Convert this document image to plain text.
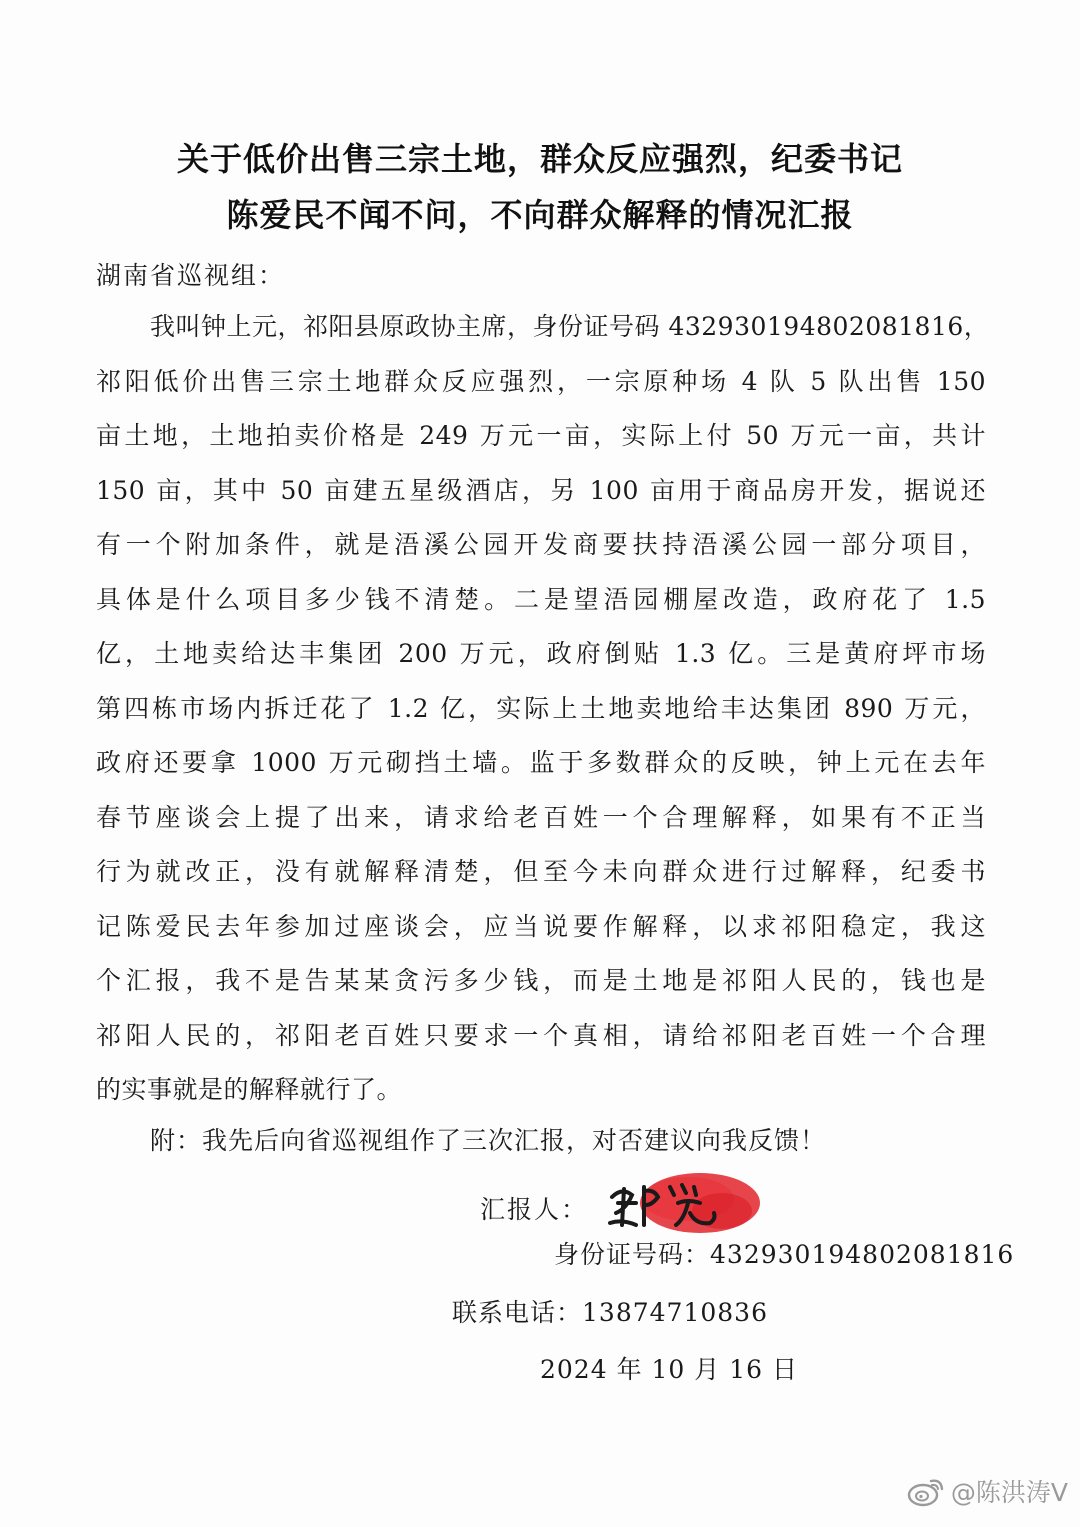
关于低价出售三宗土地，群众反应强烈，纪委书记
陈爱民不闻不问，不向群众解释的情况汇报
湖南省巡视组：
我叫钟上元，祁阳县原政协主席，身份证号码 432930194802081816，
祁阳低价出售三宗土地群众反应强烈，一宗原种场 4 队 5 队出售 150
亩土地，土地拍卖价格是 249 万元一亩，实际上付 50 万元一亩，共计
150 亩，其中 50 亩建五星级酒店，另 100 亩用于商品房开发，据说还
有一个附加条件，就是浯溪公园开发商要扶持浯溪公园一部分项目，
具体是什么项目多少钱不清楚。二是望浯园棚屋改造，政府花了 1.5
亿，土地卖给达丰集团 200 万元，政府倒贴 1.3 亿。三是黄府坪市场
第四栋市场内拆迁花了 1.2 亿，实际上土地卖地给丰达集团 890 万元，
政府还要拿 1000 万元砌挡土墙。监于多数群众的反映，钟上元在去年
春节座谈会上提了出来，请求给老百姓一个合理解释，如果有不正当
行为就改正，没有就解释清楚，但至今未向群众进行过解释，纪委书
记陈爱民去年参加过座谈会，应当说要作解释，以求祁阳稳定，我这
个汇报，我不是告某某贪污多少钱，而是土地是祁阳人民的，钱也是
祁阳人民的，祁阳老百姓只要求一个真相，请给祁阳老百姓一个合理
的实事就是的解释就行了。
附：我先后向省巡视组作了三次汇报，对否建议向我反馈！
汇报人：
身份证号码：432930194802081816
联系电话：13874710836
2024 年 10 月 16 日
@陈洪涛V
